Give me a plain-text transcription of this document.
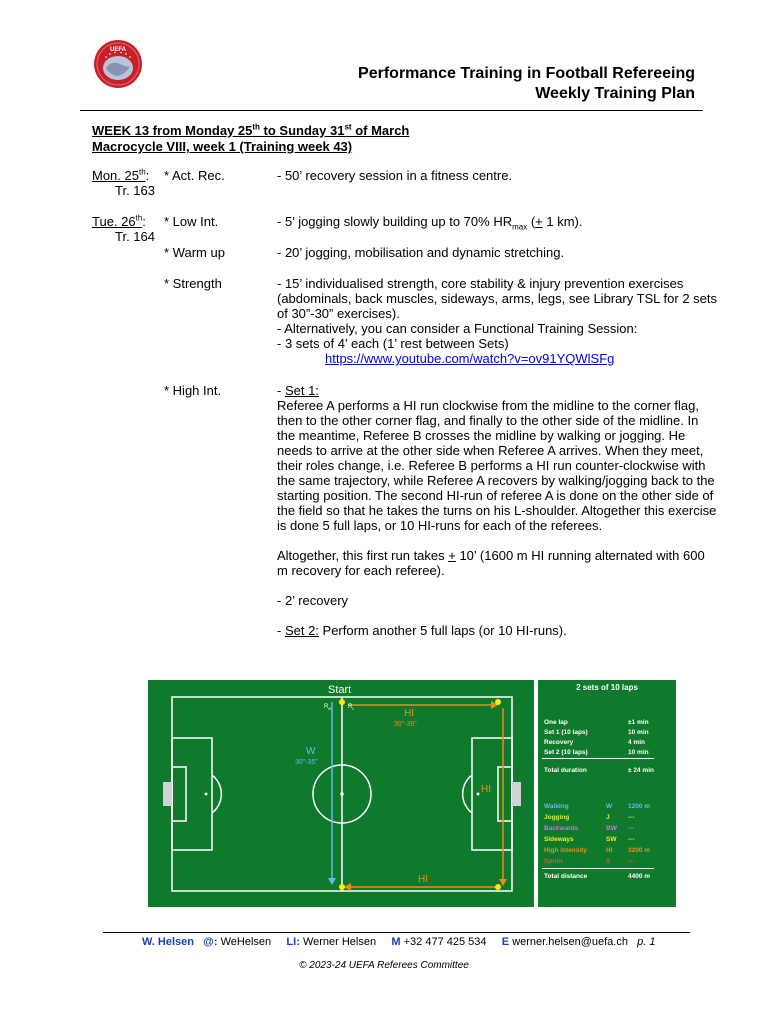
UEFA
Performance Training in Football Refereeing
Weekly Training Plan
WEEK 13 from Monday 25th to Sunday 31st of March
Macrocycle VIII, week 1 (Training week 43)
Mon. 25th:
Tr. 163
* Act. Rec.	- 50’ recovery session in a fitness centre.
Tue. 26th:
Tr. 164
* Low Int.	- 5’ jogging slowly building up to 70% $HR_{max}$ (+ 1 km).
* Warm up	- 20’ jogging, mobilisation and dynamic stretching.
* Strength	- 15’ individualised strength, core stability & injury prevention exercises (abdominals, back muscles, sideways, arms, legs, see Library TSL for 2 sets of 30”-30” exercises).
- Alternatively, you can consider a Functional Training Session:
- 3 sets of 4’ each (1’ rest between Sets)
https://www.youtube.com/watch?v=ov91YQWlSFg
* High Int.	- Set 1:
Referee A performs a HI run clockwise from the midline to the corner flag, then to the other corner flag, and finally to the other side of the midline. In the meantime, Referee B crosses the midline by walking or jogging. He needs to arrive at the other side when Referee A arrives. When they meet, their roles change, i.e. Referee B performs a HI run counter-clockwise with the same trajectory, while Referee A recovers by walking/jogging back to the starting position. The second HI-run of referee A is done on the other side of the field so that he takes the turns on his L-shoulder. Altogether this exercise is done 5 full laps, or 10 HI-runs for each of the referees.
Altogether, this first run takes + 10’ (1600 m HI running alternated with 600 m recovery for each referee).
- 2’ recovery
- Set 2: Perform another 5 full laps (or 10 HI-runs).
Start
$R_B$	$R_L$	HI
30”-35”
W
30”-35”
HI
HI
2 sets of 10 laps
One lap	±1 min
Set 1 (10 laps)	10 min
Recovery	4 min
Set 2 (10 laps)	10 min
Total duration	± 24 min
Walking	W 1200 m
Jogging	J	---
Backwards	BW ---
Sideways	SW ---
High intensity	HI 3200 m
Sprint	S	---
Total distance	4400 m
W. Helsen @: WeHelsen LI: Werner Helsen M +32 477 425 534 E werner.helsen@uefa.ch p. 1
© 2023-24 UEFA Referees Committee
